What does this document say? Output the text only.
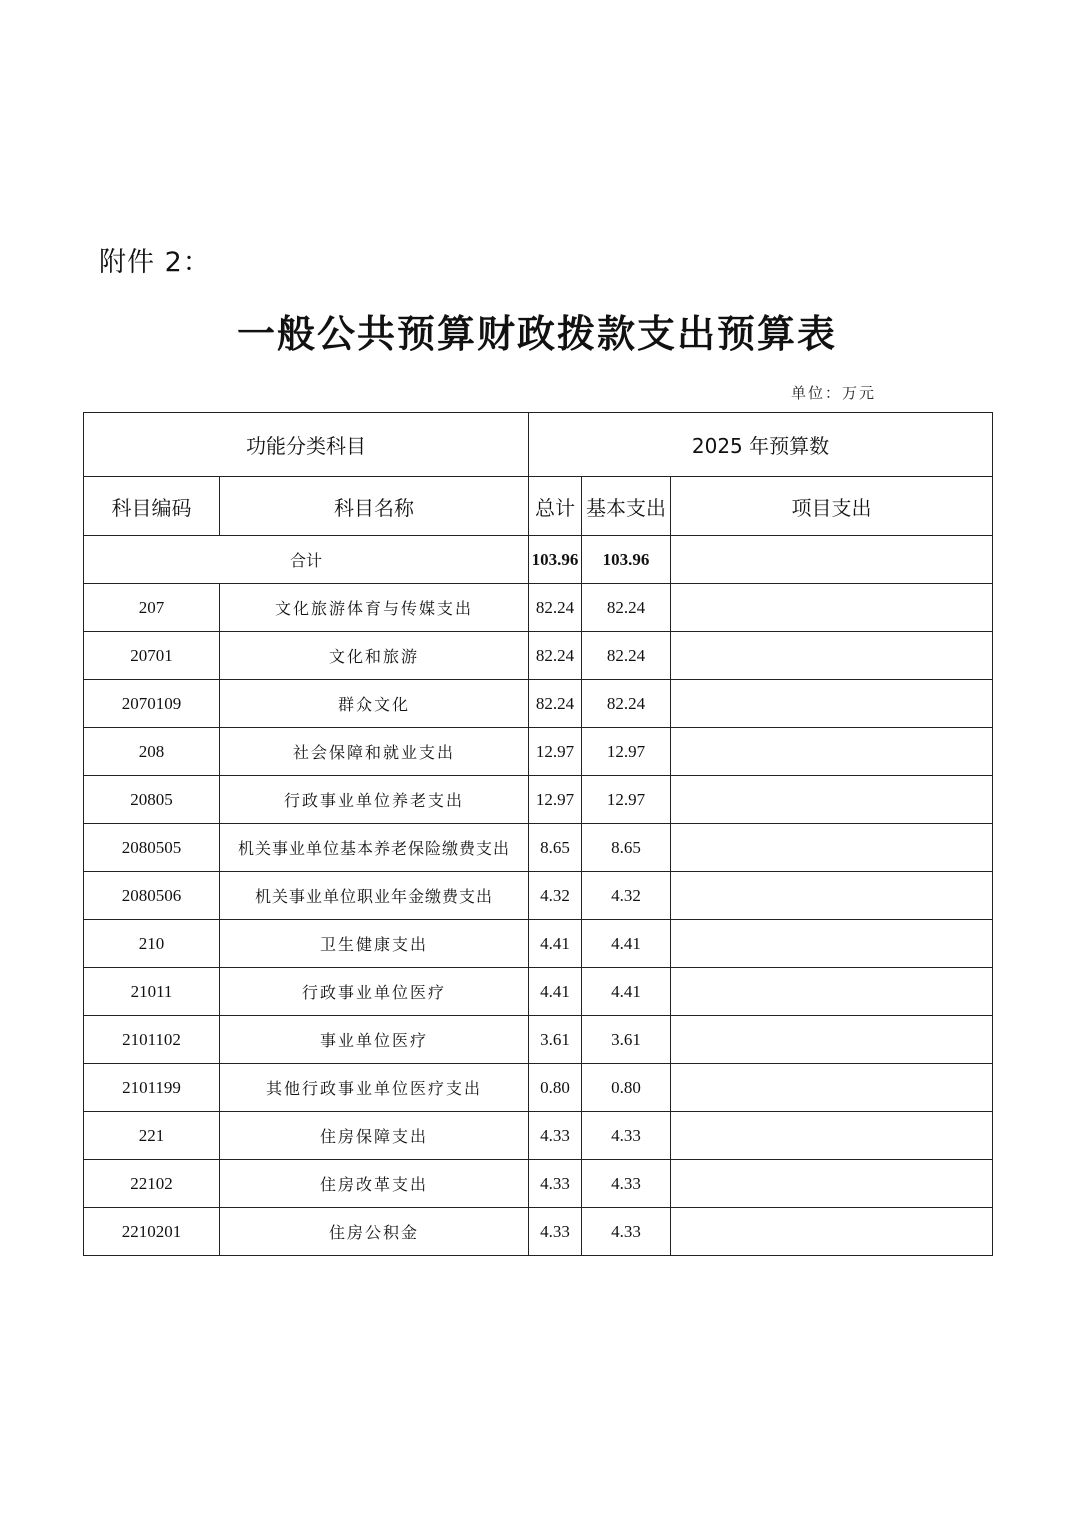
附件 2：
一般公共预算财政拨款支出预算表
单位：万元
功能分类科目		2025 年预算数		
科目编码	科目名称	总计	基本支出	项目支出
合计		103.96	103.96	
207	文化旅游体育与传媒支出	82.24	82.24	
20701	文化和旅游	82.24	82.24	
2070109	群众文化	82.24	82.24	
208	社会保障和就业支出	12.97	12.97	
20805	行政事业单位养老支出	12.97	12.97	
2080505	机关事业单位基本养老保险缴费支出	8.65	8.65	
2080506	机关事业单位职业年金缴费支出	4.32	4.32	
210	卫生健康支出	4.41	4.41	
21011	行政事业单位医疗	4.41	4.41	
2101102	事业单位医疗	3.61	3.61	
2101199	其他行政事业单位医疗支出	0.80	0.80	
221	住房保障支出	4.33	4.33	
22102	住房改革支出	4.33	4.33	
2210201	住房公积金	4.33	4.33	
